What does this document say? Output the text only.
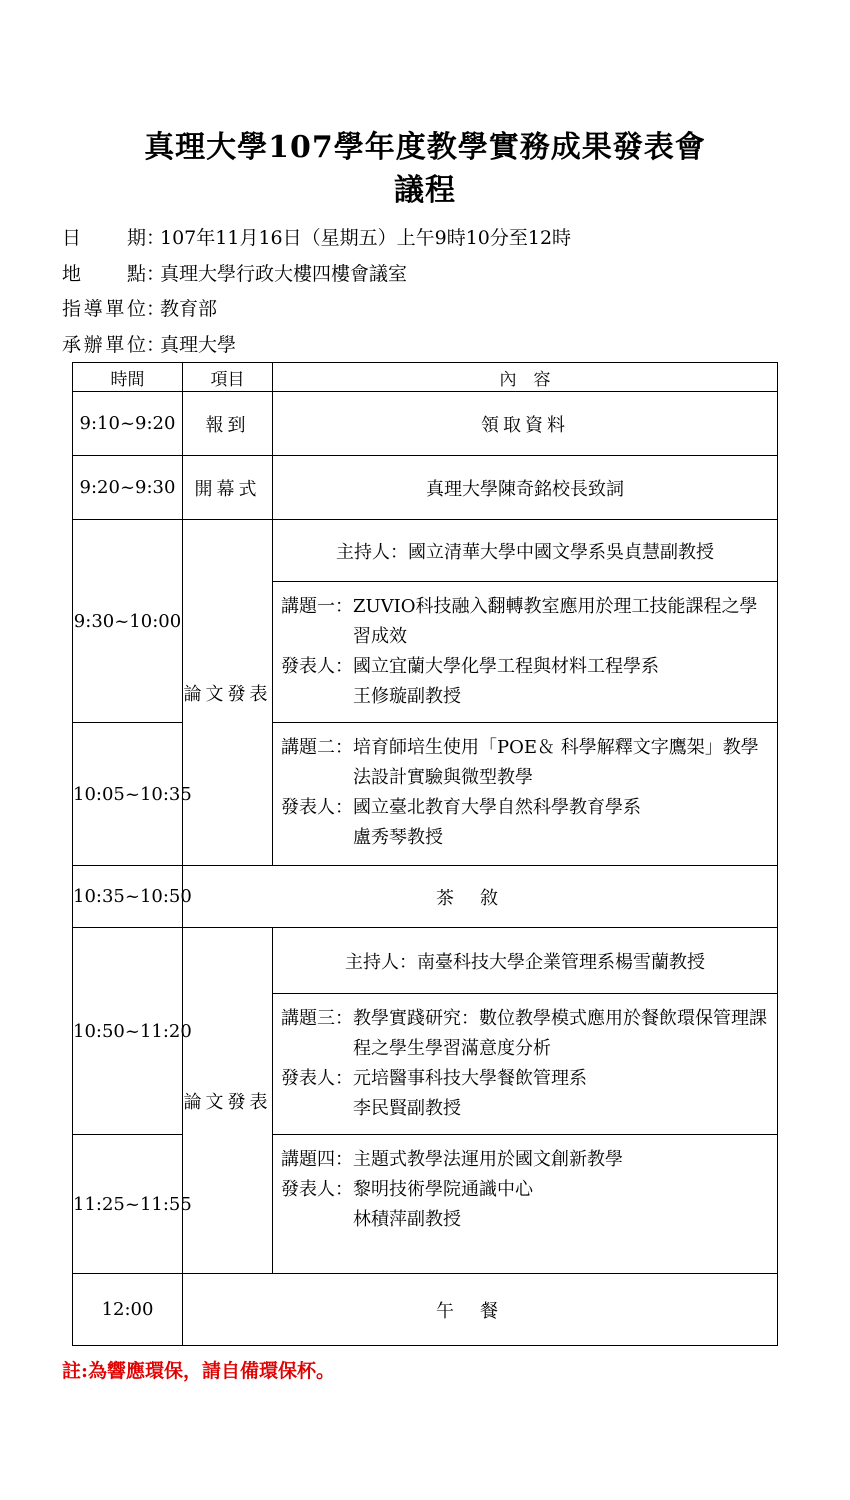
真理大學107學年度教學實務成果發表會
議程
日期：107年11月16日（星期五）上午9時10分至12時
地點：真理大學行政大樓四樓會議室
指導單位：教育部
承辦單位：真理大學
時間	項目	內　容
9:10~9:20	報到	領取資料
9:20~9:30	開幕式	真理大學陳奇銘校長致詞
9:30~10:00	論文發表	主持人：國立清華大學中國文學系吳貞慧副教授

		講題一： ZUVIO科技融入翻轉教室應用於理工技能課程之學習成效
發表人： 國立宜蘭大學化學工程與材料工程學系
王修璇副教授

10:05~10:35		講題二： 培育師培生使用「POE＆ 科學解釋文字鷹架」教學法設計實驗與微型教學
發表人： 國立臺北教育大學自然科學教育學系
盧秀琴教授

10:35~10:50	茶敘	
10:50~11:20	論文發表	主持人：南臺科技大學企業管理系楊雪蘭教授

		講題三： 教學實踐研究：數位教學模式應用於餐飲環保管理課程之學生學習滿意度分析
發表人： 元培醫事科技大學餐飲管理系
李民賢副教授

11:25~11:55		講題四： 主題式教學法運用於國文創新教學
發表人： 黎明技術學院通識中心
林積萍副教授

12:00	午餐	
註:為響應環保，請自備環保杯。
